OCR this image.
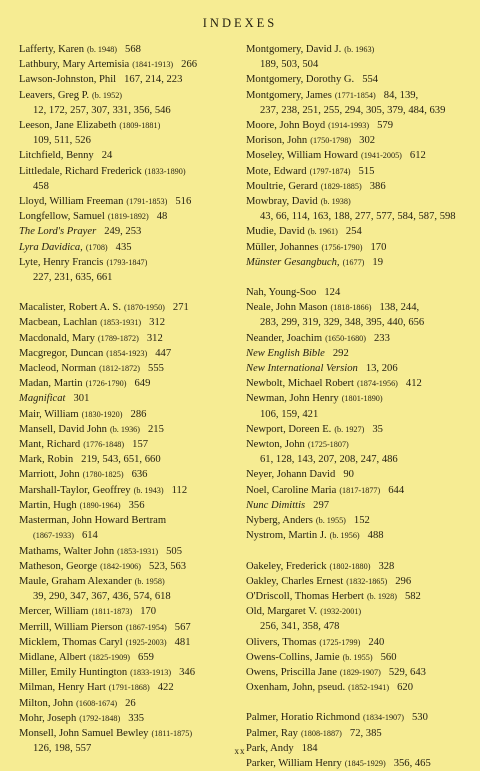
INDEXES

Lafferty, Karen (b. 1948) 568

Lathbury, Mary Artemisia (1841-1913) 266

Lawson-Johnston, Phil 167, 214, 223

Leavers, Greg P. (b. 1952)
12, 172, 257, 307, 331, 356, 546

Leeson, Jane Elizabeth (1809-1881)
109, 511, 526

Litchfield, Benny 24

Littledale, Richard Frederick (1833-1890)
458

Lloyd, William Freeman (1791-1853) 516

Longfellow, Samuel (1819-1892) 48

The Lord's Prayer 249, 253

Lyra Davidica, (1708) 435

Lyte, Henry Francis (1793-1847)
227, 231, 635, 661

Macalister, Robert A. S. (1870-1950) 271

Macbean, Lachlan (1853-1931) 312

Macdonald, Mary (1789-1872) 312

Macgregor, Duncan (1854-1923) 447

Macleod, Norman (1812-1872) 555

Madan, Martin (1726-1790) 649

Magnificat 301

Mair, William (1830-1920) 286

Mansell, David John (b. 1936) 215

Mant, Richard (1776-1848) 157

Mark, Robin 219, 543, 651, 660

Marriott, John (1780-1825) 636

Marshall-Taylor, Geoffrey (b. 1943) 112

Martin, Hugh (1890-1964) 356

Masterman, John Howard Bertram
(1867-1933) 614

Mathams, Walter John (1853-1931) 505

Matheson, George (1842-1906) 523, 563

Maule, Graham Alexander (b. 1958)
39, 290, 347, 367, 436, 574, 618

Mercer, William (1811-1873) 170

Merrill, William Pierson (1867-1954) 567

Micklem, Thomas Caryl (1925-2003) 481

Midlane, Albert (1825-1909) 659

Miller, Emily Huntington (1833-1913) 346

Milman, Henry Hart (1791-1868) 422

Milton, John (1608-1674) 26

Mohr, Joseph (1792-1848) 335

Monsell, John Samuel Bewley (1811-1875)
126, 198, 557

Montgomery, David J. (b. 1963)
189, 503, 504

Montgomery, Dorothy G. 554

Montgomery, James (1771-1854) 84, 139,
237, 238, 251, 255, 294, 305, 379, 484, 639

Moore, John Boyd (1914-1993) 579

Morison, John (1750-1798) 302

Moseley, William Howard (1941-2005) 612

Mote, Edward (1797-1874) 515

Moultrie, Gerard (1829-1885) 386

Mowbray, David (b. 1938)
43, 66, 114, 163, 188, 277, 577, 584, 587, 598

Mudie, David (b. 1961) 254

Müller, Johannes (1756-1790) 170

Münster Gesangbuch, (1677) 19

Nah, Young-Soo 124

Neale, John Mason (1818-1866) 138, 244,
283, 299, 319, 329, 348, 395, 440, 656

Neander, Joachim (1650-1680) 233

New English Bible 292

New International Version 13, 206

Newbolt, Michael Robert (1874-1956) 412

Newman, John Henry (1801-1890)
106, 159, 421

Newport, Doreen E. (b. 1927) 35

Newton, John (1725-1807)
61, 128, 143, 207, 208, 247, 486

Neyer, Johann David 90

Noel, Caroline Maria (1817-1877) 644

Nunc Dimittis 297

Nyberg, Anders (b. 1955) 152

Nystrom, Martin J. (b. 1956) 488

Oakeley, Frederick (1802-1880) 328

Oakley, Charles Ernest (1832-1865) 296

O'Driscoll, Thomas Herbert (b. 1928) 582

Old, Margaret V. (1932-2001)
256, 341, 358, 478

Olivers, Thomas (1725-1799) 240

Owens-Collins, Jamie (b. 1955) 560

Owens, Priscilla Jane (1829-1907) 529, 643

Oxenham, John, pseud. (1852-1941) 620

Palmer, Horatio Richmond (1834-1907) 530

Palmer, Ray (1808-1887) 72, 385

Park, Andy 184

Parker, William Henry (1845-1929) 356, 465

xx
